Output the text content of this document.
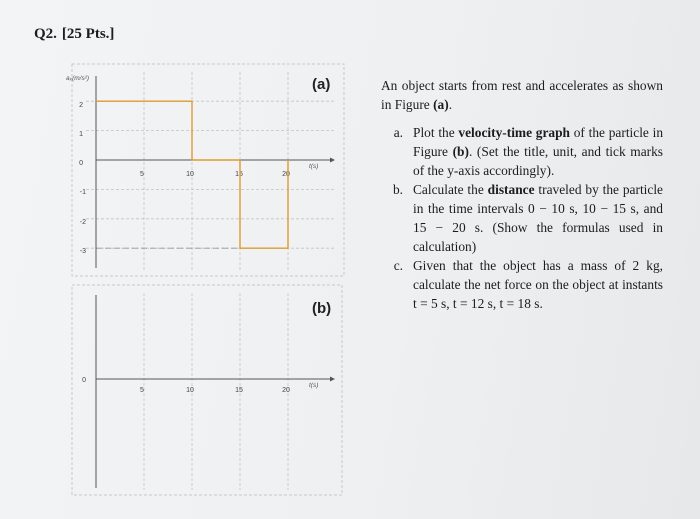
Q2. [25 Pts.]
aₓ(m/s²)
t(s)
(a)
2
1
0
-1
-2
-3
5	10	15	20
(b)
t(s)
0
5	10	15	20

An object starts from rest and accelerates as shown in Figure (a).

a. Plot the velocity-time graph of the particle in Figure (b). (Set the title, unit, and tick marks of the y-axis accordingly).
b. Calculate the distance traveled by the particle in the time intervals 0 − 10 s, 10 − 15 s, and 15 − 20 s. (Show the formulas used in calculation)
c. Given that the object has a mass of 2 kg, calculate the net force on the object at instants t = 5 s, t = 12 s, t = 18 s.
